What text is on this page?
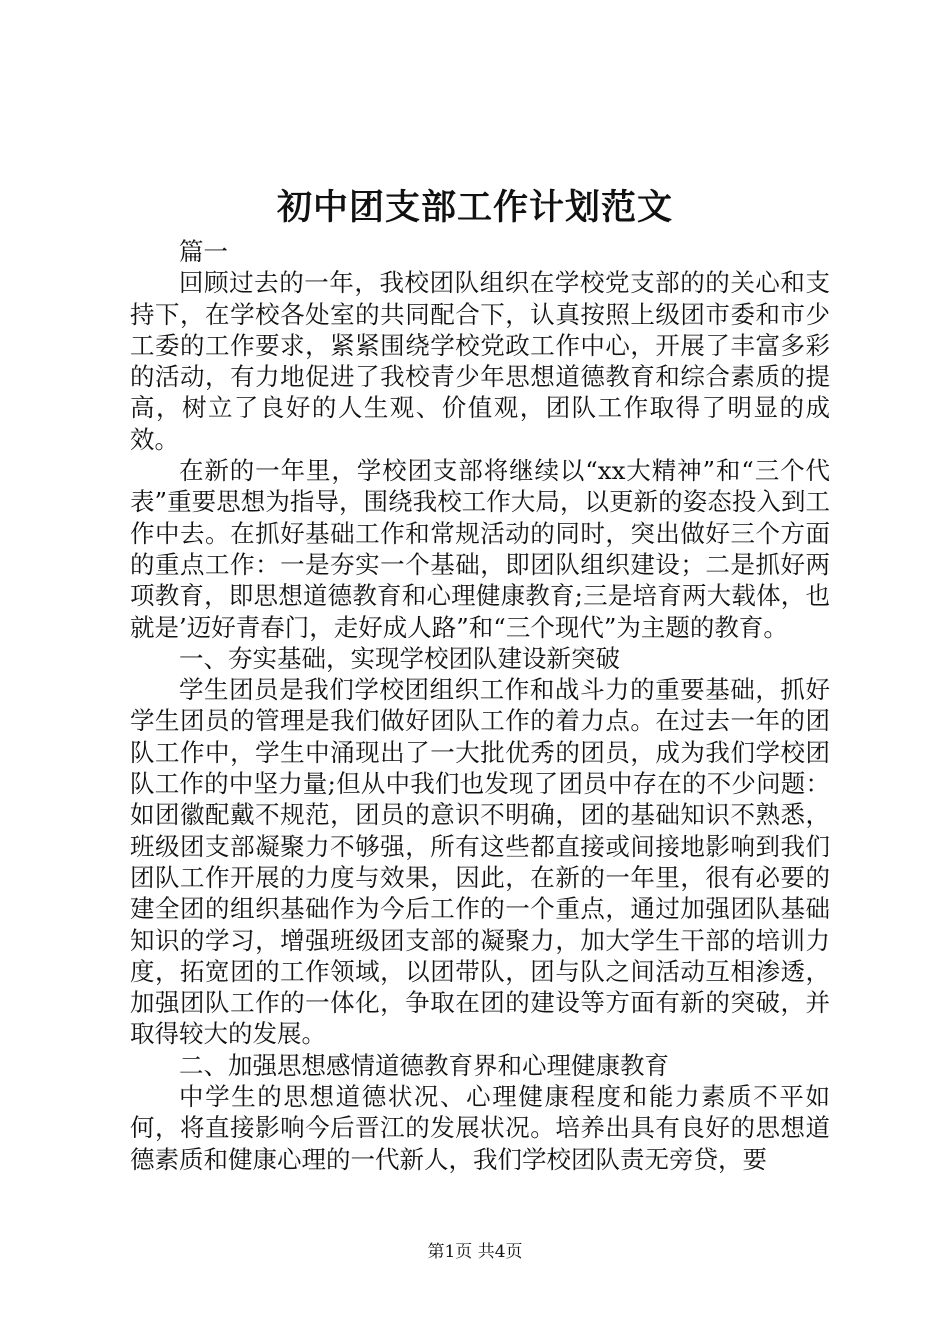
初中团支部工作计划范文

篇一

回顾过去的一年，我校团队组织在学校党支部的的关心和支持下，在学校各处室的共同配合下，认真按照上级团市委和市少工委的工作要求，紧紧围绕学校党政工作中心，开展了丰富多彩的活动，有力地促进了我校青少年思想道德教育和综合素质的提高，树立了良好的人生观、价值观，团队工作取得了明显的成效。

在新的一年里，学校团支部将继续以“xx大精神”和“三个代表”重要思想为指导，围绕我校工作大局，以更新的姿态投入到工作中去。在抓好基础工作和常规活动的同时，突出做好三个方面的重点工作：一是夯实一个基础，即团队组织建设；二是抓好两项教育，即思想道德教育和心理健康教育;三是培育两大载体，也就是’迈好青春门，走好成人路”和“三个现代”为主题的教育。

一、夯实基础，实现学校团队建设新突破

学生团员是我们学校团组织工作和战斗力的重要基础，抓好学生团员的管理是我们做好团队工作的着力点。在过去一年的团队工作中，学生中涌现出了一大批优秀的团员，成为我们学校团队工作的中坚力量;但从中我们也发现了团员中存在的不少问题：如团徽配戴不规范，团员的意识不明确，团的基础知识不熟悉，班级团支部凝聚力不够强，所有这些都直接或间接地影响到我们团队工作开展的力度与效果，因此，在新的一年里，很有必要的建全团的组织基础作为今后工作的一个重点，通过加强团队基础知识的学习，增强班级团支部的凝聚力，加大学生干部的培训力度，拓宽团的工作领域，以团带队，团与队之间活动互相渗透，加强团队工作的一体化，争取在团的建设等方面有新的突破，并取得较大的发展。

二、加强思想感情道德教育界和心理健康教育

中学生的思想道德状况、心理健康程度和能力素质不平如何，将直接影响今后晋江的发展状况。培养出具有良好的思想道德素质和健康心理的一代新人，我们学校团队责无旁贷，要

第1页 共4页
